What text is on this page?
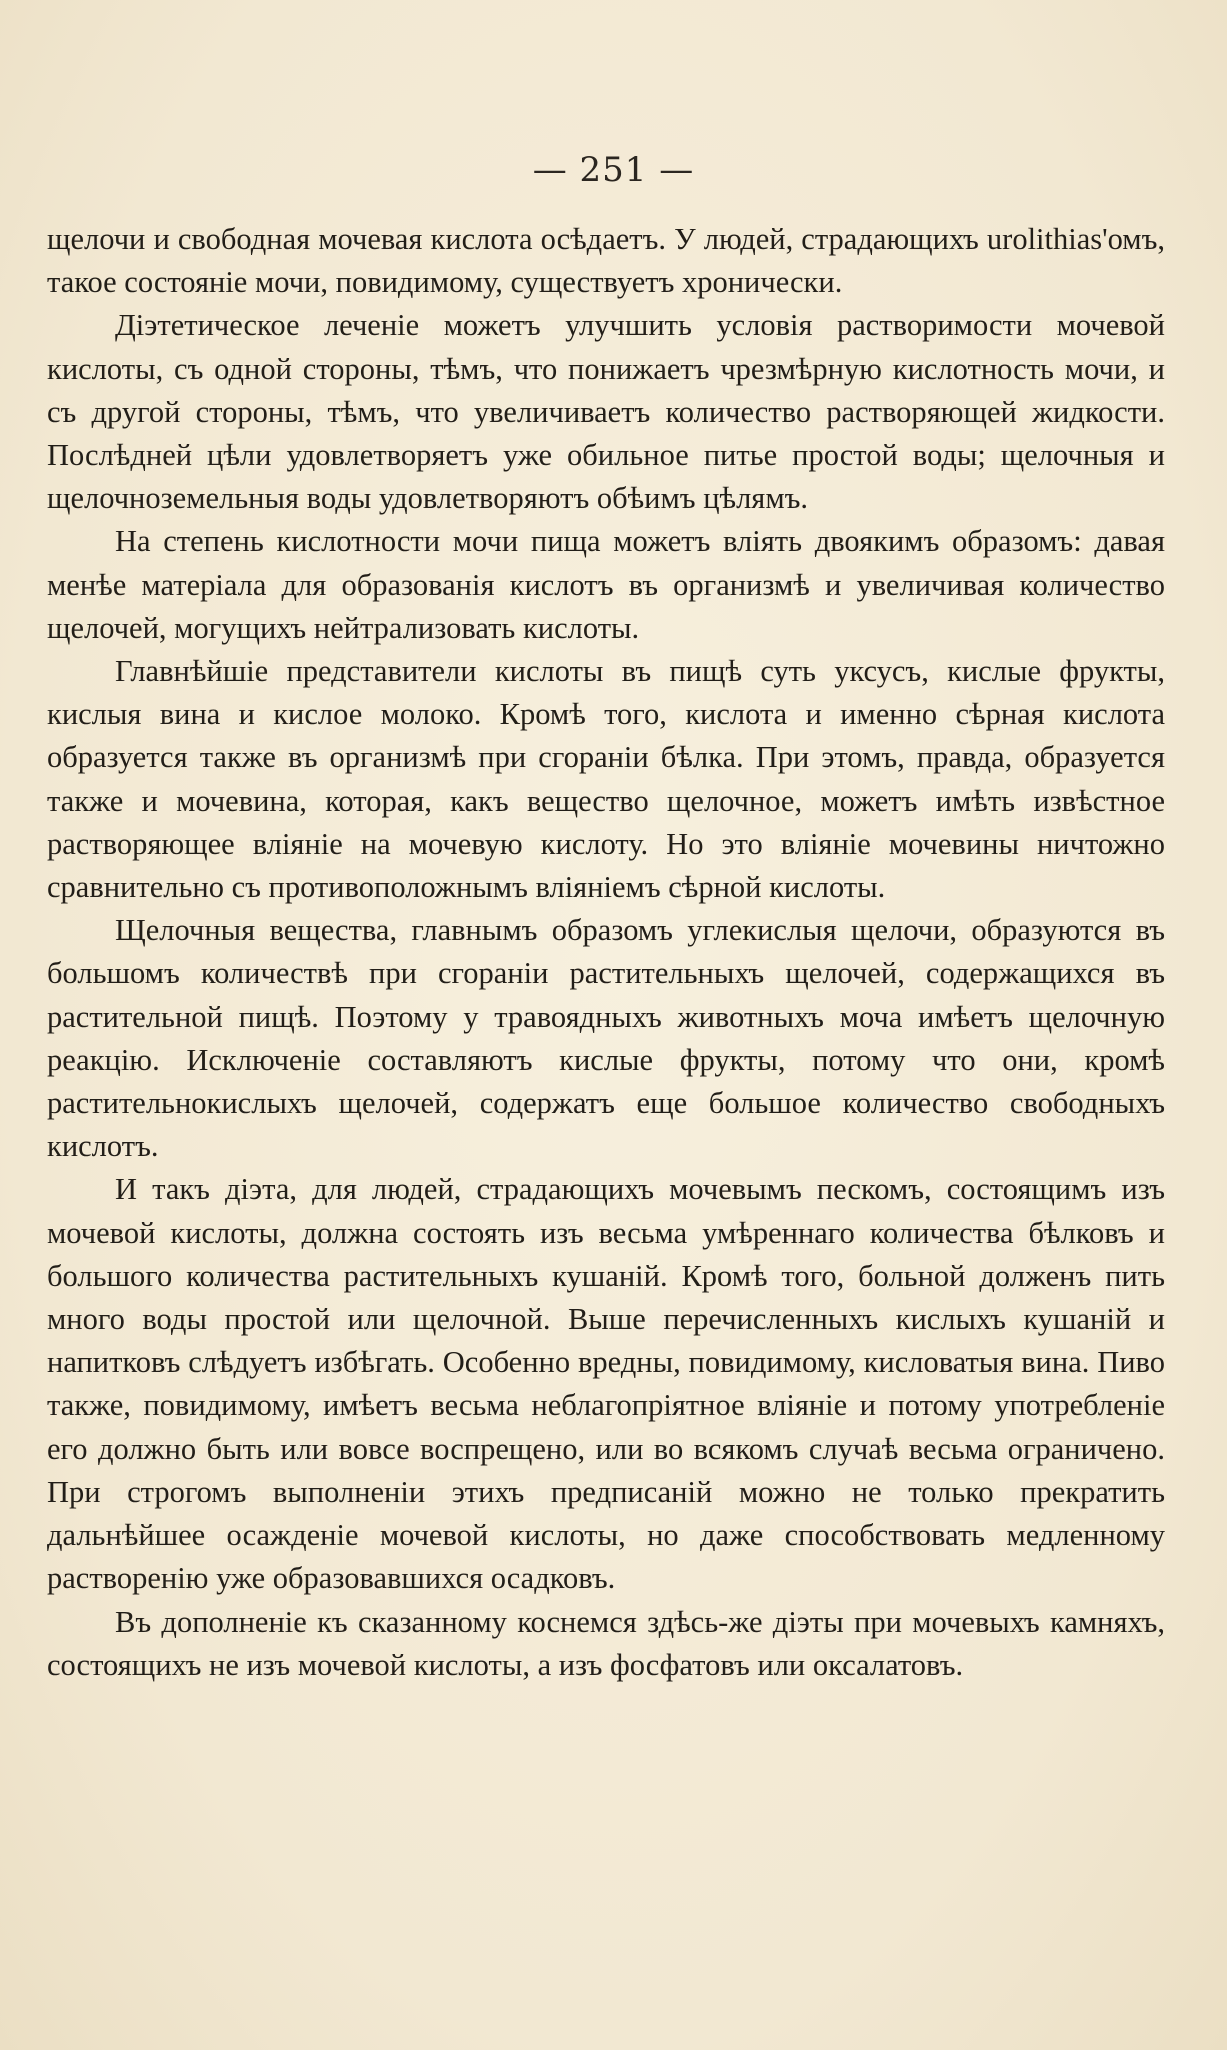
— 251 —

щелочи и свободная мочевая кислота осѣдаетъ. У людей, страдающихъ urolithias'омъ, такое состояніе мочи, повидимому, существуетъ хронически.

Діэтетическое леченіе можетъ улучшить условія растворимости мочевой кислоты, съ одной стороны, тѣмъ, что понижаетъ чрезмѣрную кислотность мочи, и съ другой стороны, тѣмъ, что увеличиваетъ количество растворяющей жидкости. Послѣдней цѣли удовлетворяетъ уже обильное питье простой воды; щелочныя и щелочноземельныя воды удовлетворяютъ обѣимъ цѣлямъ.

На степень кислотности мочи пища можетъ вліять двоякимъ образомъ: давая менѣе матеріала для образованія кислотъ въ организмѣ и увеличивая количество щелочей, могущихъ нейтрализовать кислоты.

Главнѣйшіе представители кислоты въ пищѣ суть уксусъ, кислые фрукты, кислыя вина и кислое молоко. Кромѣ того, кислота и именно сѣрная кислота образуется также въ организмѣ при сгораніи бѣлка. При этомъ, правда, образуется также и мочевина, которая, какъ вещество щелочное, можетъ имѣть извѣстное растворяющее вліяніе на мочевую кислоту. Но это вліяніе мочевины ничтожно сравнительно съ противоположнымъ вліяніемъ сѣрной кислоты.

Щелочныя вещества, главнымъ образомъ углекислыя щелочи, образуются въ большомъ количествѣ при сгораніи растительныхъ щелочей, содержащихся въ растительной пищѣ. Поэтому у травоядныхъ животныхъ моча имѣетъ щелочную реакцію. Исключеніе составляютъ кислые фрукты, потому что они, кромѣ растительнокислыхъ щелочей, содержатъ еще большое количество свободныхъ кислотъ.

И такъ діэта, для людей, страдающихъ мочевымъ пескомъ, состоящимъ изъ мочевой кислоты, должна состоять изъ весьма умѣреннаго количества бѣлковъ и большого количества растительныхъ кушаній. Кромѣ того, больной долженъ пить много воды простой или щелочной. Выше перечисленныхъ кислыхъ кушаній и напитковъ слѣдуетъ избѣгать. Особенно вредны, повидимому, кисловатыя вина. Пиво также, повидимому, имѣетъ весьма неблагопріятное вліяніе и потому употребленіе его должно быть или вовсе воспрещено, или во всякомъ случаѣ весьма ограничено. При строгомъ выполненіи этихъ предписаній можно не только прекратить дальнѣйшее осажденіе мочевой кислоты, но даже способствовать медленному растворенію уже образовавшихся осадковъ.

Въ дополненіе къ сказанному коснемся здѣсь-же діэты при мочевыхъ камняхъ, состоящихъ не изъ мочевой кислоты, а изъ фосфатовъ или оксалатовъ.
